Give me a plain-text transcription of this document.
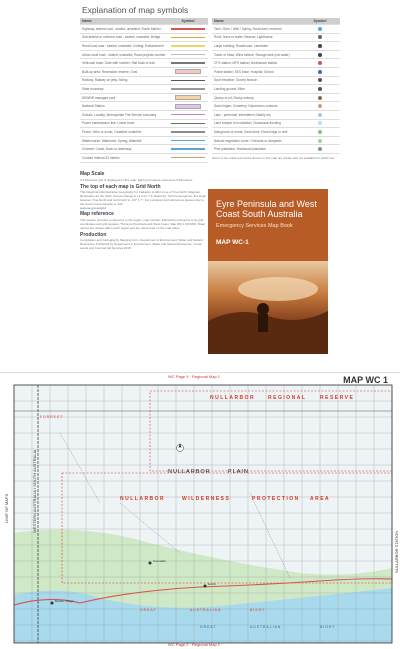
Explanation of map symbols
Name	Symbol
Highway, arterial road - sealed; unsealed; Route Marker
Sub-arterial or collector road - sealed; unsealed; Bridge
Rural local road - sealed; unsealed; Cutting; Embankment
Urban local road - sealed; unsealed; Road projects number
Vehicular track; Gate with number; Rail track or trail
Built-up area; Recreation reserve; Oval
Railway, Railway on jetty, Siding
State boundary
DEWNR managed park
National Station
Suburb; Locality; Metropolitan Fire Service boundary
Power transmission line; Linear trunk
Fence; Veho or scrub; Coastline underline
Watercourse; Waterhole; Spring; Waterfall
Channel; Canal; Drain or waterway
Contour interval 20 metres
Name	Symbol
Tank / Bore / Well / Spring; Small dam; reservoir
Rock; Navs or water; Beacon; Lighthouse
Large building; Roadhouse; Landmark
Tower or Mast; Wind turbine; Storage tank (not water)
CFS station; MFS station; Ambulance station
Police station; SES base; Hospital; School
Spot elevation; Survey beacon
Landing ground; Mine
Quarry or pit; Rocky outcrop
Sand ridges; Cemetery; Depression contours
Lake - perennial; Intermittent; Mainly dry
Land subject to inundation; Occasional flooding
Mangroves or reeds; Sand dune; Rock ledge or reef
Natural vegetation cover; Orchards or vineyards
Pine plantation; Hardwood plantation
Some of the roads and tracks shown on this map are private and not available for public use
Map Scale
A 5 kilometre grid is displayed on this map. Each grid square represents 5 kilometres
The top of each map is Grid North
This Regional Administrative Geography for Cadastre is GDA zone of True North. Magnetic Declination for the GDA. Annual change is +1.0 (or 7.5" Easterly). Grid Convergence, the angle between True North and Grid North is -0.5° 1.7°. For complete Grid references please refer to the Government Gazette or visit:
www.sa.gov.au/grid
Map reference
This section provides a reference to the region, map number, followed by reference to its grid coordinates and grid squares. The Eyre Peninsula and West Coast, Map WC 1 NNNNN. Road names are unique within each region and are referenced on the road index.
Production
Compilation and Cartography Mapping Unit - Department of Environment, Water and Natural Resources. Published by Department of Environment, Water and Natural Resources, Crown Lands and Commercial Services 2015.
Eyre Peninsula and West Coast South Australia
Emergency Services Map Book
MAP WC-1
WC Page 9 · Regional Map 1	MAP WC 1
NULLARBOR	REGIONAL	RESERVE
FORREST
NULLARBOR	PLAIN
NULLARBOR	WILDERNESS	PROTECTION AREA
GREAT	AUSTRALIAN	BIGHT
GREAT	AUSTRALIAN	BIGHT
Border Village
Eucla
Koonalda
WESTERN AUSTRALIA / SOUTH AUSTRALIA
LIMIT OF MAPS
NULLARBOR STATION
WC Page 2 · Regional Map 1
